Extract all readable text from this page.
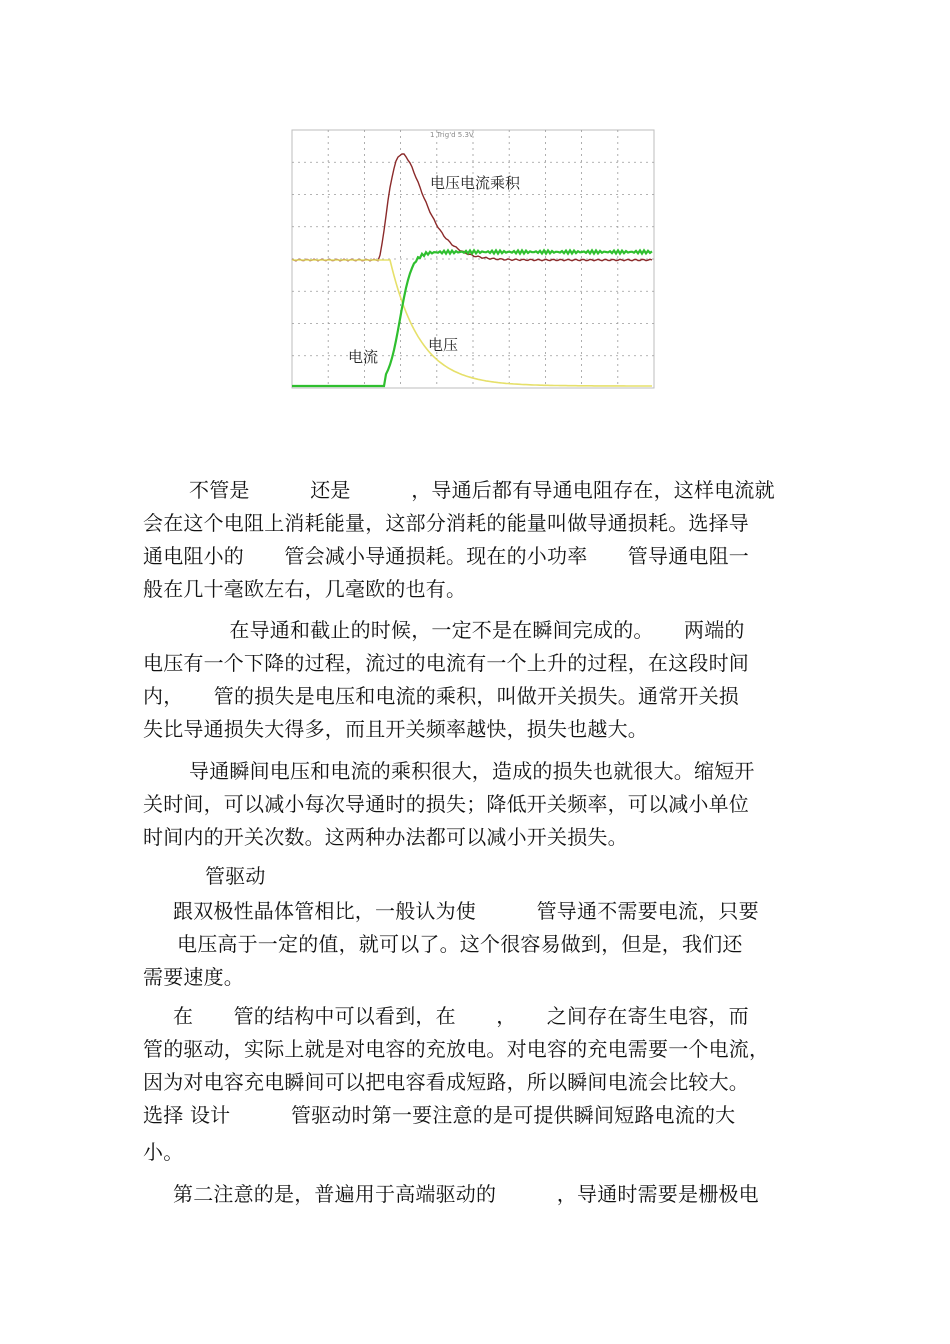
1 Trig'd 5.3V
电压电流乘积
电流
电压

不管是　　　还是　　　，导通后都有导通电阻存在，这样电流就
会在这个电阻上消耗能量，这部分消耗的能量叫做导通损耗。选择导
通电阻小的　　管会减小导通损耗。现在的小功率　　管导通电阻一
般在几十毫欧左右，几毫欧的也有。

　　在导通和截止的时候，一定不是在瞬间完成的。　　两端的
电压有一个下降的过程，流过的电流有一个上升的过程，在这段时间
内，　　管的损失是电压和电流的乘积，叫做开关损失。通常开关损
失比导通损失大得多，而且开关频率越快，损失也越大。

导通瞬间电压和电流的乘积很大，造成的损失也就很大。缩短开
关时间，可以减小每次导通时的损失；降低开关频率，可以减小单位
时间内的开关次数。这两种办法都可以减小开关损失。

管驱动

跟双极性晶体管相比，一般认为使　　　管导通不需要电流，只要
电压高于一定的值，就可以了。这个很容易做到，但是，我们还
需要速度。

在　　管的结构中可以看到，在　　，　　之间存在寄生电容，而
管的驱动，实际上就是对电容的充放电。对电容的充电需要一个电流，
因为对电容充电瞬间可以把电容看成短路，所以瞬间电流会比较大。
选择 设计　　　管驱动时第一要注意的是可提供瞬间短路电流的大
小。

第二注意的是，普遍用于高端驱动的　　　，导通时需要是栅极电
